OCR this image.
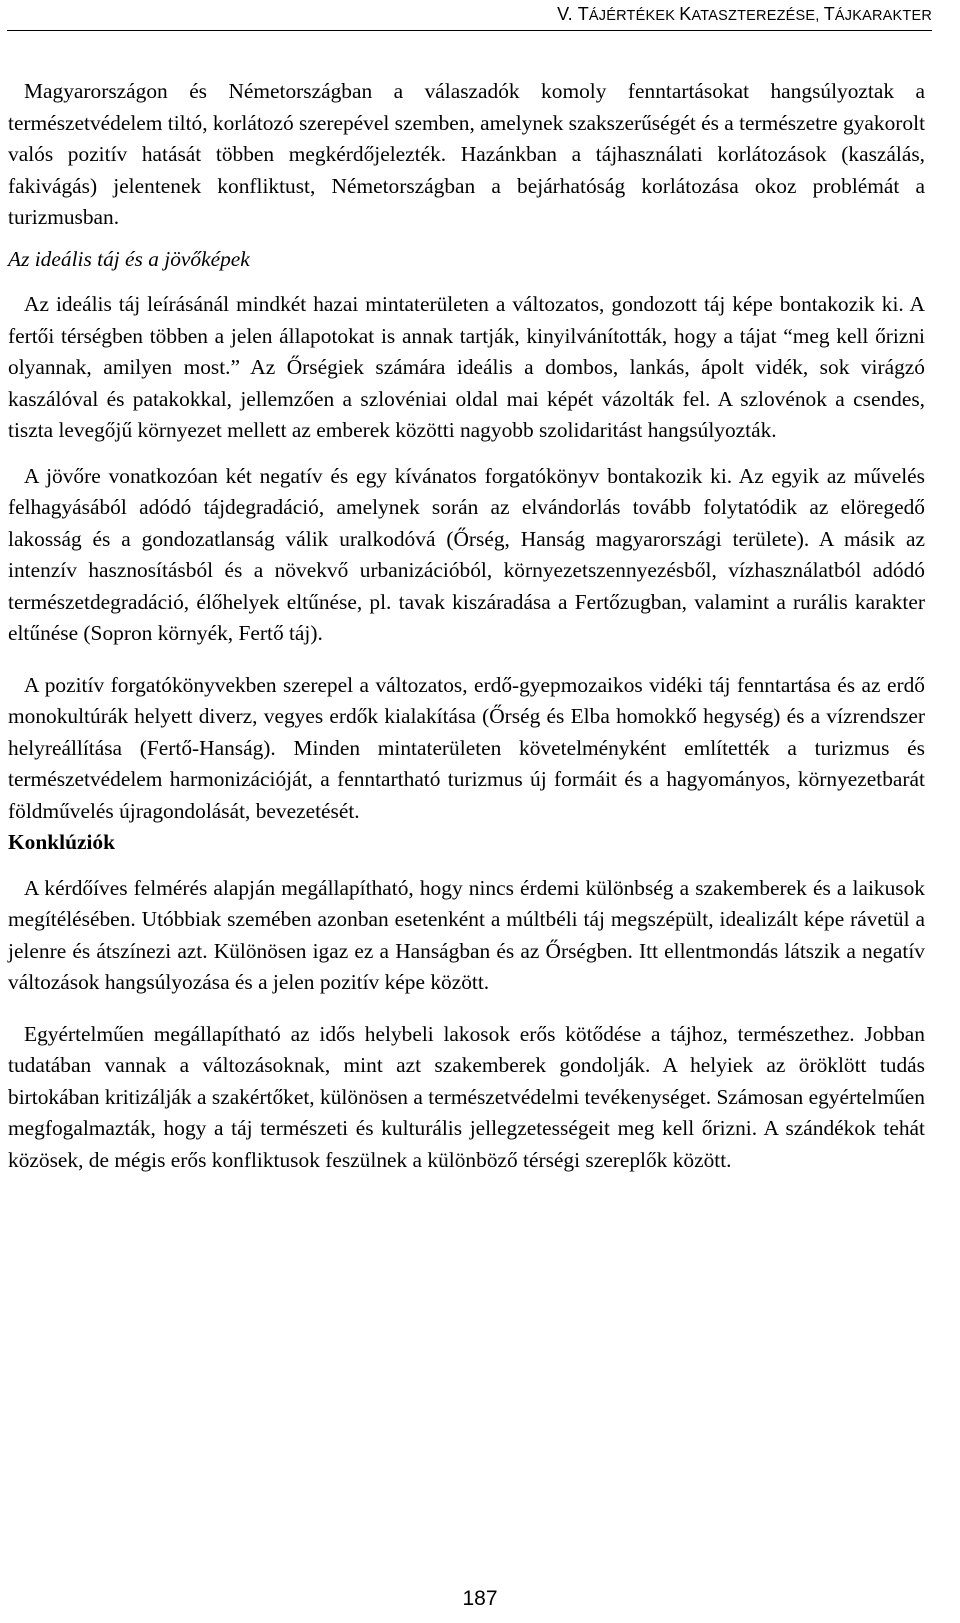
V. TÁJÉRTÉKEK KATASZTEREZÉSE, TÁJKARAKTER

Magyarországon és Németországban a válaszadók komoly fenntartásokat hangsúlyoztak a természetvédelem tiltó, korlátozó szerepével szemben, amelynek szakszerűségét és a természetre gyakorolt valós pozitív hatását többen megkérdőjelezték. Hazánkban a tájhasználati korlátozások (kaszálás, fakivágás) jelentenek konfliktust, Németországban a bejárhatóság korlátozása okoz problémát a turizmusban.

Az ideális táj és a jövőképek

Az ideális táj leírásánál mindkét hazai mintaterületen a változatos, gondozott táj képe bontakozik ki. A fertői térségben többen a jelen állapotokat is annak tartják, kinyilvánították, hogy a tájat “meg kell őrizni olyannak, amilyen most.” Az Őrségiek számára ideális a dombos, lankás, ápolt vidék, sok virágzó kaszálóval és patakokkal, jellemzően a szlovéniai oldal mai képét vázolták fel. A szlovénok a csendes, tiszta levegőjű környezet mellett az emberek közötti nagyobb szolidaritást hangsúlyozták.

A jövőre vonatkozóan két negatív és egy kívánatos forgatókönyv bontakozik ki. Az egyik az művelés felhagyásából adódó tájdegradáció, amelynek során az elvándorlás tovább folytatódik az elöregedő lakosság és a gondozatlanság válik uralkodóvá (Őrség, Hanság magyarországi területe). A másik az intenzív hasznosításból és a növekvő urbanizációból, környezetszennyezésből, vízhasználatból adódó természetdegradáció, élőhelyek eltűnése, pl. tavak kiszáradása a Fertőzugban, valamint a rurális karakter eltűnése (Sopron környék, Fertő táj).

A pozitív forgatókönyvekben szerepel a változatos, erdő-gyepmozaikos vidéki táj fenntartása és az erdő monokultúrák helyett diverz, vegyes erdők kialakítása (Őrség és Elba homokkő hegység) és a vízrendszer helyreállítása (Fertő-Hanság). Minden mintaterületen követelményként említették a turizmus és természetvédelem harmonizációját, a fenntartható turizmus új formáit és a hagyományos, környezetbarát földművelés újragondolását, bevezetését.

Konklúziók

A kérdőíves felmérés alapján megállapítható, hogy nincs érdemi különbség a szakemberek és a laikusok megítélésében. Utóbbiak szemében azonban esetenként a múltbéli táj megszépült, idealizált képe rávetül a jelenre és átszínezi azt. Különösen igaz ez a Hanságban és az Őrségben. Itt ellentmondás látszik a negatív változások hangsúlyozása és a jelen pozitív képe között.

Egyértelműen megállapítható az idős helybeli lakosok erős kötődése a tájhoz, természethez. Jobban tudatában vannak a változásoknak, mint azt szakemberek gondolják. A helyiek az öröklött tudás birtokában kritizálják a szakértőket, különösen a természetvédelmi tevékenységet. Számosan egyértelműen megfogalmazták, hogy a táj természeti és kulturális jellegzetességeit meg kell őrizni. A szándékok tehát közösek, de mégis erős konfliktusok feszülnek a különböző térségi szereplők között.

187
